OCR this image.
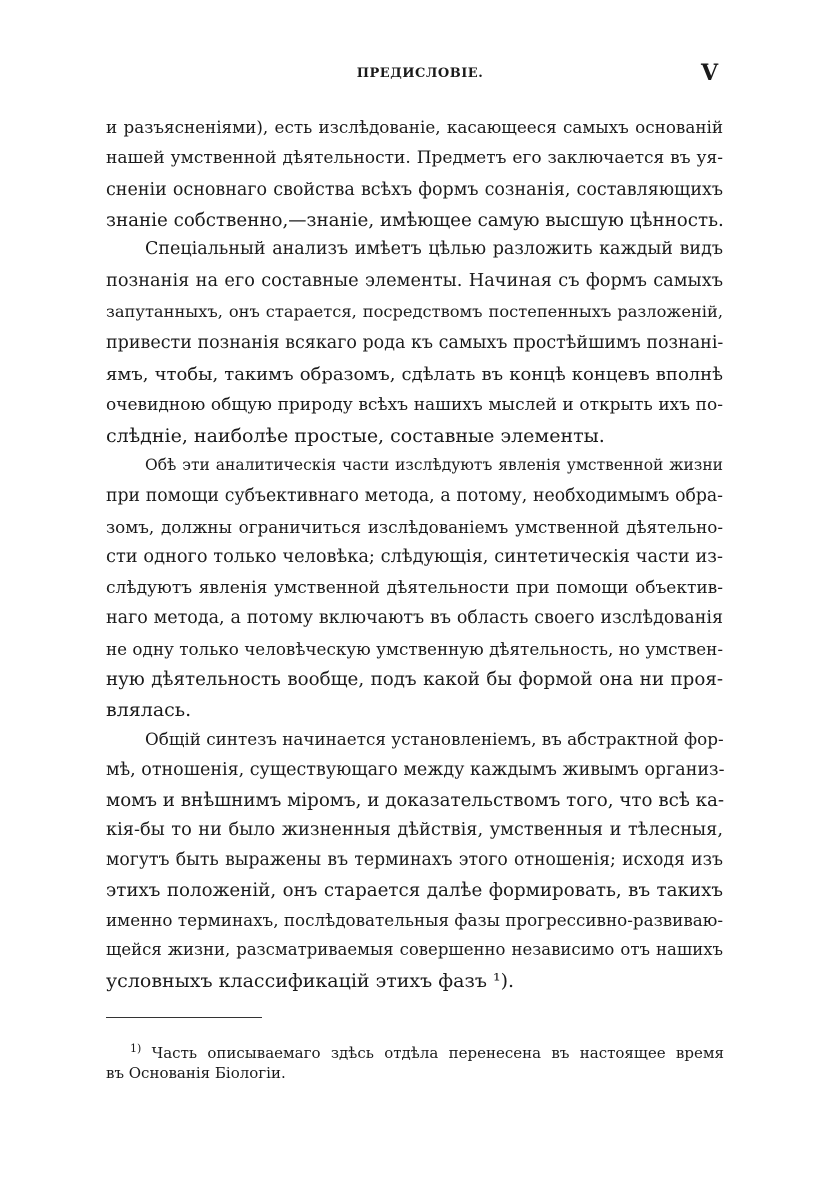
ПРЕДИСЛОВІЕ.	V
и разъясненіями), есть изслѣдованіе, касающееся самыхъ основаній
нашей умственной дѣятельности. Предметъ его заключается въ уя-
сненіи основнаго свойства всѣхъ формъ сознанія, составляющихъ
знаніе собственно,—знаніе, имѣющее самую высшую цѣнность.
Спеціальный анализъ имѣетъ цѣлью разложить каждый видъ
познанія на его составные элементы. Начиная съ формъ самыхъ
запутанныхъ, онъ старается, посредствомъ постепенныхъ разложеній,
привести познанія всякаго рода къ самыхъ простѣйшимъ познані-
ямъ, чтобы, такимъ образомъ, сдѣлать въ концѣ концевъ вполнѣ
очевидною общую природу всѣхъ нашихъ мыслей и открыть ихъ по-
слѣдніе, наиболѣе простые, составные элементы.
Обѣ эти аналитическія части изслѣдуютъ явленія умственной жизни
при помощи субъективнаго метода, а потому, необходимымъ обра-
зомъ, должны ограничиться изслѣдованіемъ умственной дѣятельно-
сти одного только человѣка; слѣдующія, синтетическія части из-
слѣдуютъ явленія умственной дѣятельности при помощи объектив-
наго метода, а потому включаютъ въ область своего изслѣдованія
не одну только человѣческую умственную дѣятельность, но умствен-
ную дѣятельность вообще, подъ какой бы формой она ни проя-
влялась.
Общій синтезъ начинается установленіемъ, въ абстрактной фор-
мѣ, отношенія, существующаго между каждымъ живымъ организ-
момъ и внѣшнимъ міромъ, и доказательствомъ того, что всѣ ка-
кія-бы то ни было жизненныя дѣйствія, умственныя и тѣлесныя,
могутъ быть выражены въ терминахъ этого отношенія; исходя изъ
этихъ положеній, онъ старается далѣе формировать, въ такихъ
именно терминахъ, послѣдовательныя фазы прогрессивно-развиваю-
щейся жизни, разсматриваемыя совершенно независимо отъ нашихъ
условныхъ классификацій этихъ фазъ ¹).
$^{1)}$ Часть описываемаго здѣсь отдѣла перенесена въ настоящее время
въ Основанія Біологіи.
